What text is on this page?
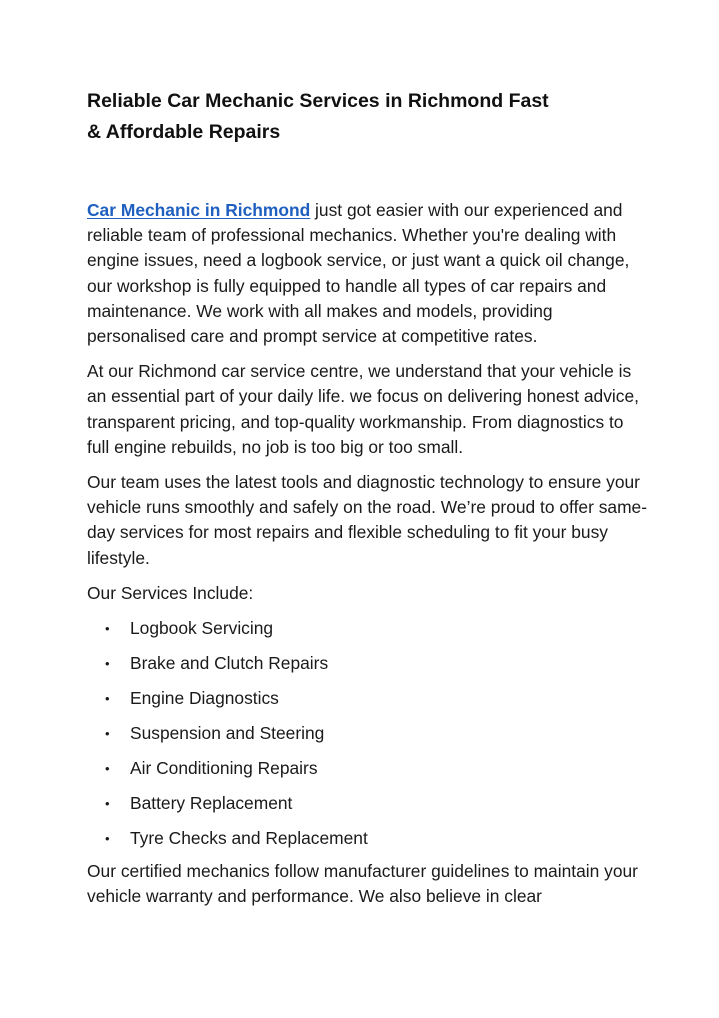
Reliable Car Mechanic Services in Richmond Fast & Affordable Repairs

Car Mechanic in Richmond just got easier with our experienced and reliable team of professional mechanics. Whether you're dealing with engine issues, need a logbook service, or just want a quick oil change, our workshop is fully equipped to handle all types of car repairs and maintenance. We work with all makes and models, providing personalised care and prompt service at competitive rates.

At our Richmond car service centre, we understand that your vehicle is an essential part of your daily life. we focus on delivering honest advice, transparent pricing, and top-quality workmanship. From diagnostics to full engine rebuilds, no job is too big or too small.

Our team uses the latest tools and diagnostic technology to ensure your vehicle runs smoothly and safely on the road. We’re proud to offer same-day services for most repairs and flexible scheduling to fit your busy lifestyle.

Our Services Include:

• Logbook Servicing
• Brake and Clutch Repairs
• Engine Diagnostics
• Suspension and Steering
• Air Conditioning Repairs
• Battery Replacement
• Tyre Checks and Replacement

Our certified mechanics follow manufacturer guidelines to maintain your vehicle warranty and performance. We also believe in clear
